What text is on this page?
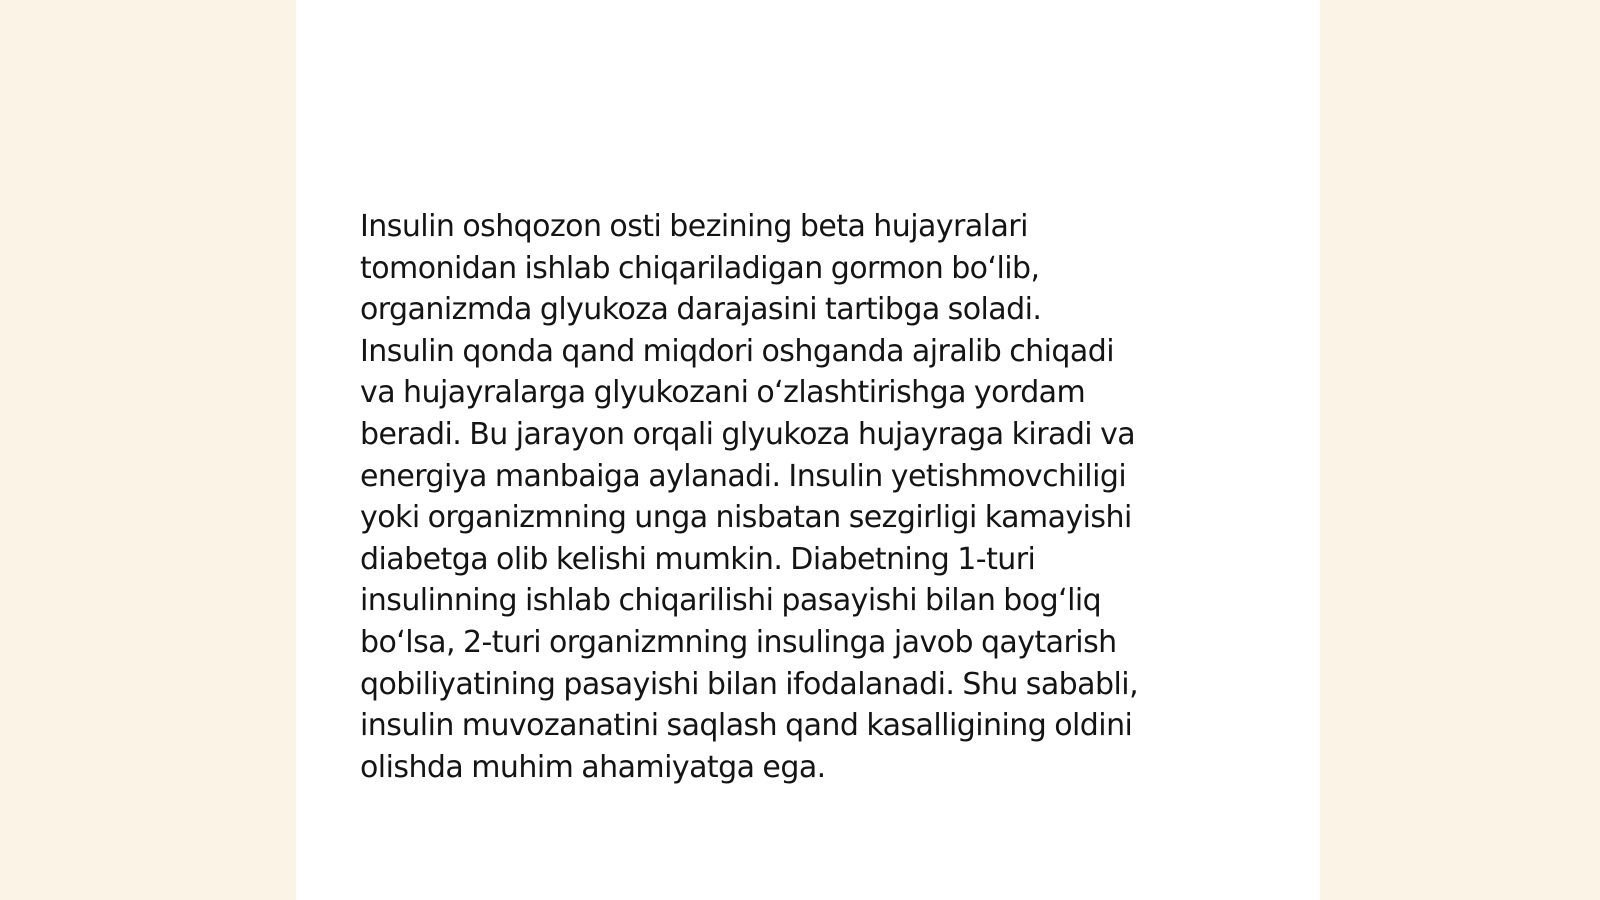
Insulin oshqozon osti bezining beta hujayralari
tomonidan ishlab chiqariladigan gormon bo‘lib,
organizmda glyukoza darajasini tartibga soladi.
Insulin qonda qand miqdori oshganda ajralib chiqadi
va hujayralarga glyukozani o‘zlashtirishga yordam
beradi. Bu jarayon orqali glyukoza hujayraga kiradi va
energiya manbaiga aylanadi. Insulin yetishmovchiligi
yoki organizmning unga nisbatan sezgirligi kamayishi
diabetga olib kelishi mumkin. Diabetning 1-turi
insulinning ishlab chiqarilishi pasayishi bilan bog‘liq
bo‘lsa, 2-turi organizmning insulinga javob qaytarish
qobiliyatining pasayishi bilan ifodalanadi. Shu sababli,
insulin muvozanatini saqlash qand kasalligining oldini
olishda muhim ahamiyatga ega.
